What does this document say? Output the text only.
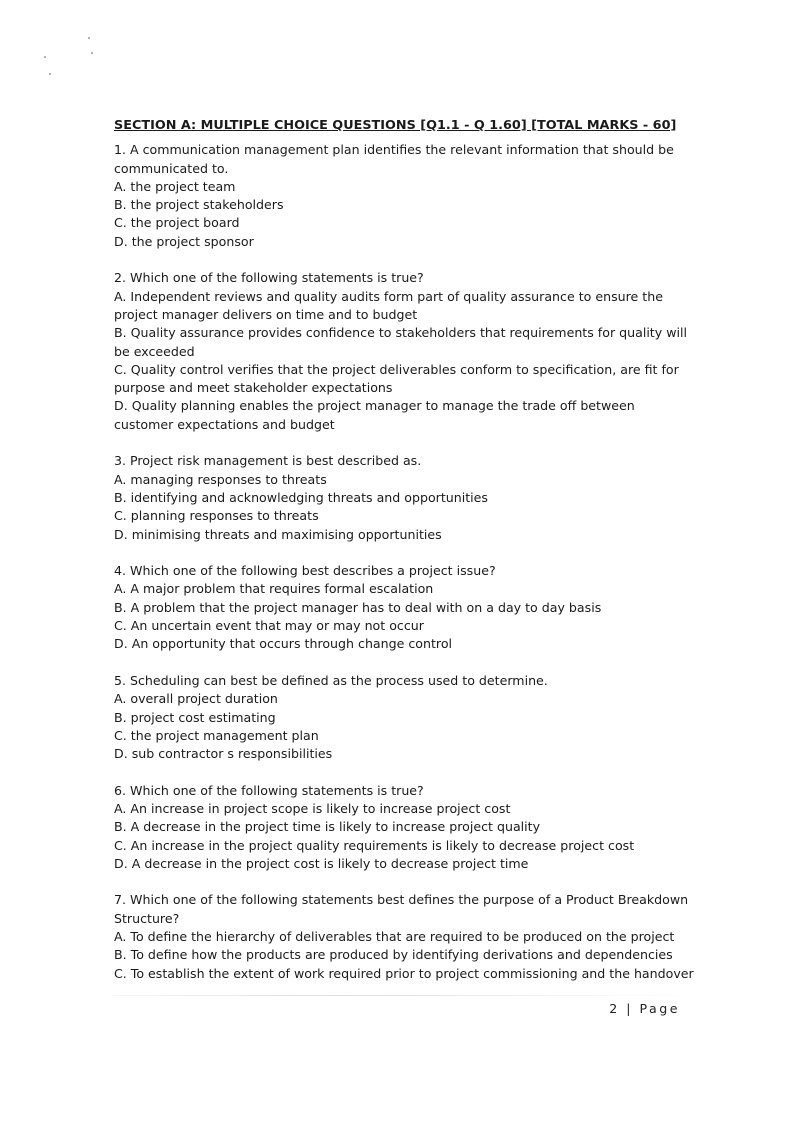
SECTION A: MULTIPLE CHOICE QUESTIONS [Q1.1 - Q 1.60] [TOTAL MARKS - 60]

1. A communication management plan identifies the relevant information that should be communicated to.

A. the project team

B. the project stakeholders

C. the project board

D. the project sponsor

2. Which one of the following statements is true?

A. Independent reviews and quality audits form part of quality assurance to ensure the project manager delivers on time and to budget

B. Quality assurance provides confidence to stakeholders that requirements for quality will be exceeded

C. Quality control verifies that the project deliverables conform to specification, are fit for purpose and meet stakeholder expectations

D. Quality planning enables the project manager to manage the trade off between customer expectations and budget

3. Project risk management is best described as.

A. managing responses to threats

B. identifying and acknowledging threats and opportunities

C. planning responses to threats

D. minimising threats and maximising opportunities

4. Which one of the following best describes a project issue?

A. A major problem that requires formal escalation

B. A problem that the project manager has to deal with on a day to day basis

C. An uncertain event that may or may not occur

D. An opportunity that occurs through change control

5. Scheduling can best be defined as the process used to determine.

A. overall project duration

B. project cost estimating

C. the project management plan

D. sub contractor s responsibilities

6. Which one of the following statements is true?

A. An increase in project scope is likely to increase project cost

B. A decrease in the project time is likely to increase project quality

C. An increase in the project quality requirements is likely to decrease project cost

D. A decrease in the project cost is likely to decrease project time

7. Which one of the following statements best defines the purpose of a Product Breakdown Structure?

A. To define the hierarchy of deliverables that are required to be produced on the project

B. To define how the products are produced by identifying derivations and dependencies

C. To establish the extent of work required prior to project commissioning and the handover

2 | Page
